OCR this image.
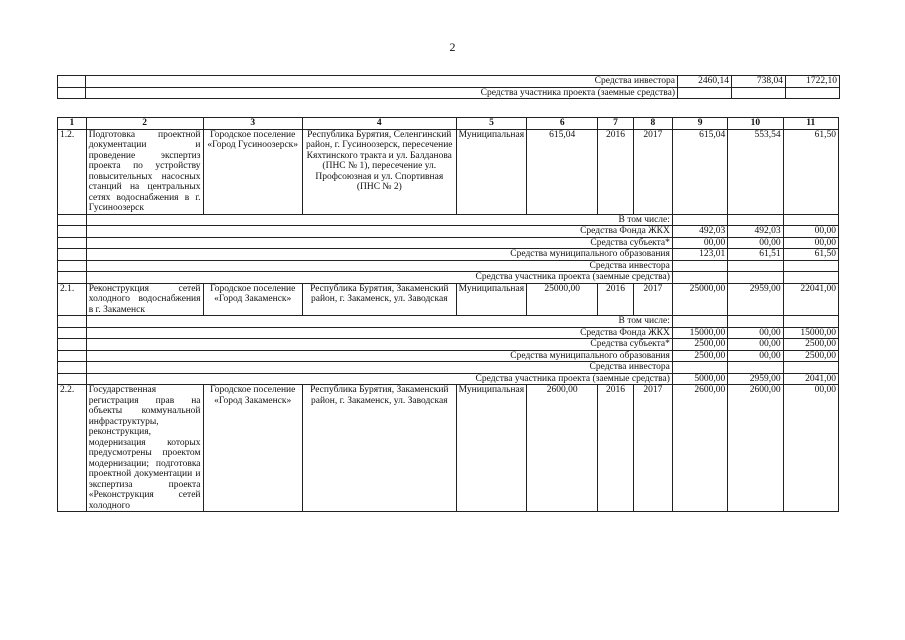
2
	Средства инвестора	2460,14	738,04	1722,10
	Средства участника проекта (заемные средства)			
1	2	3	4	5	6	7	8	9	10	11
1.2.	Подготовка проектной документации и проведение экспертиз проекта по устройству повысительных насосных станций на центральных сетях водоснабжения в г. Гусиноозерск	Городское поселение «Город Гусиноозерск»	Республика Бурятия, Селенгинский район, г. Гусиноозерск, пересечение Кяхтинского тракта и ул. Балданова (ПНС № 1), пересечение ул. Профсоюзная и ул. Спортивная (ПНС № 2)	Муниципальная	615,04	2016	2017	615,04	553,54	61,50
	В том числе:									
	Средства Фонда ЖКХ							492,03	492,03	00,00
	Средства субъекта*							00,00	00,00	00,00
	Средства муниципального образования							123,01	61,51	61,50
	Средства инвестора									
	Средства участника проекта (заемные средства)									
2.1.	Реконструкция сетей холодного водоснабжения в г. Закаменск	Городское поселение «Город Закаменск»	Республика Бурятия, Закаменский район, г. Закаменск, ул. Заводская	Муниципальная	25000,00	2016	2017	25000,00	2959,00	22041,00
	В том числе:									
	Средства Фонда ЖКХ							15000,00	00,00	15000,00
	Средства субъекта*							2500,00	00,00	2500,00
	Средства муниципального образования							2500,00	00,00	2500,00
	Средства инвестора									
	Средства участника проекта (заемные средства)							5000,00	2959,00	2041,00
2.2.	Государственная регистрация прав на объекты коммунальной инфраструктуры, реконструкция, модернизация которых предусмотрены проектом модернизации; подготовка проектной документации и экспертиза проекта «Реконструкция сетей холодного	Городское поселение «Город Закаменск»	Республика Бурятия, Закаменский район, г. Закаменск, ул. Заводская	Муниципальная	2600,00	2016	2017	2600,00	2600,00	00,00
